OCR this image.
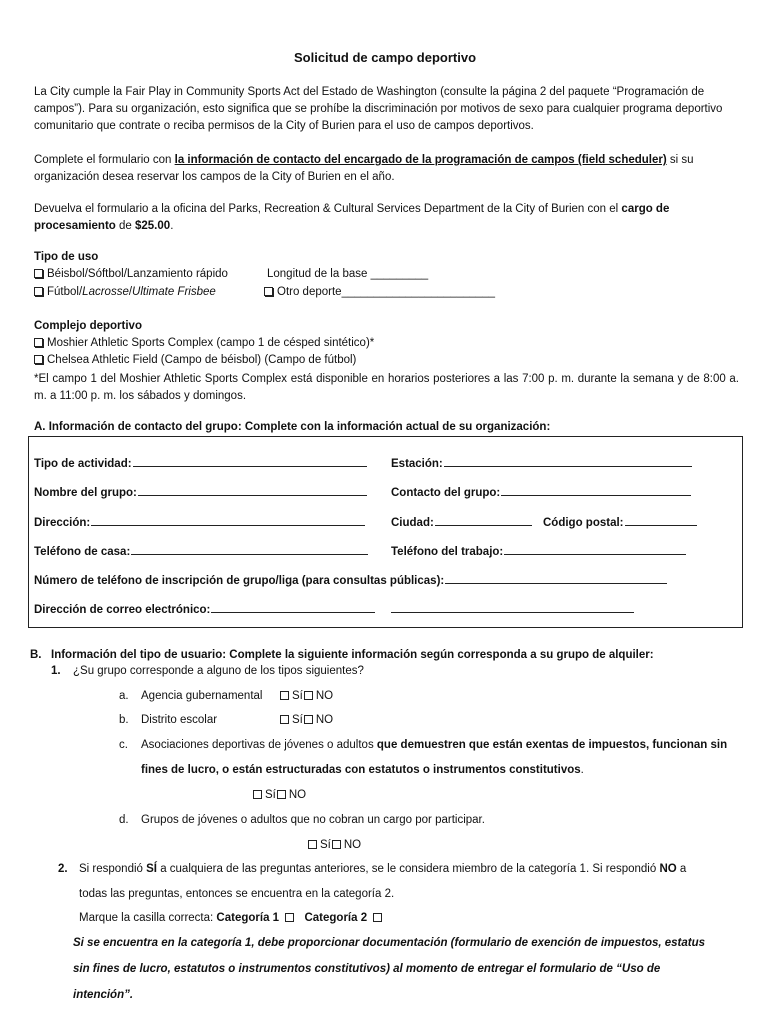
Solicitud de campo deportivo
La City cumple la Fair Play in Community Sports Act del Estado de Washington (consulte la página 2 del paquete “Programación de campos”). Para su organización, esto significa que se prohíbe la discriminación por motivos de sexo para cualquier programa deportivo comunitario que contrate o reciba permisos de la City of Burien para el uso de campos deportivos.
Complete el formulario con la información de contacto del encargado de la programación de campos (field scheduler) si su organización desea reservar los campos de la City of Burien en el año.
Devuelva el formulario a la oficina del Parks, Recreation & Cultural Services Department de la City of Burien con el cargo de procesamiento de $25.00.
Tipo de uso
Béisbol/Sóftbol/Lanzamiento rápido	Longitud de la base _________
Fútbol/Lacrosse/Ultimate Frisbee	Otro deporte________________________
Complejo deportivo
Moshier Athletic Sports Complex (campo 1 de césped sintético)*
Chelsea Athletic Field (Campo de béisbol) (Campo de fútbol)
*El campo 1 del Moshier Athletic Sports Complex está disponible en horarios posteriores a las 7:00 p. m. durante la semana y de 8:00 a. m. a 11:00 p. m. los sábados y domingos.
A. Información de contacto del grupo: Complete con la información actual de su organización:
Tipo de actividad:	Estación:
Nombre del grupo:	Contacto del grupo:
Dirección:	Ciudad:	Código postal:
Teléfono de casa:	Teléfono del trabajo:
Número de teléfono de inscripción de grupo/liga (para consultas públicas):
Dirección de correo electrónico:
B. Información del tipo de usuario: Complete la siguiente información según corresponda a su grupo de alquiler:
1. ¿Su grupo corresponde a alguno de los tipos siguientes?
a. Agencia gubernamental	Sí NO
b. Distrito escolar	Sí NO
c. Asociaciones deportivas de jóvenes o adultos que demuestren que están exentas de impuestos, funcionan sin
fines de lucro, o están estructuradas con estatutos o instrumentos constitutivos.
Sí NO
d. Grupos de jóvenes o adultos que no cobran un cargo por participar.
Sí NO
2. Si respondió SÍ a cualquiera de las preguntas anteriores, se le considera miembro de la categoría 1. Si respondió NO a
todas las preguntas, entonces se encuentra en la categoría 2.
Marque la casilla correcta: Categoría 1 Categoría 2
Si se encuentra en la categoría 1, debe proporcionar documentación (formulario de exención de impuestos, estatus
sin fines de lucro, estatutos o instrumentos constitutivos) al momento de entregar el formulario de “Uso de
intención”.
